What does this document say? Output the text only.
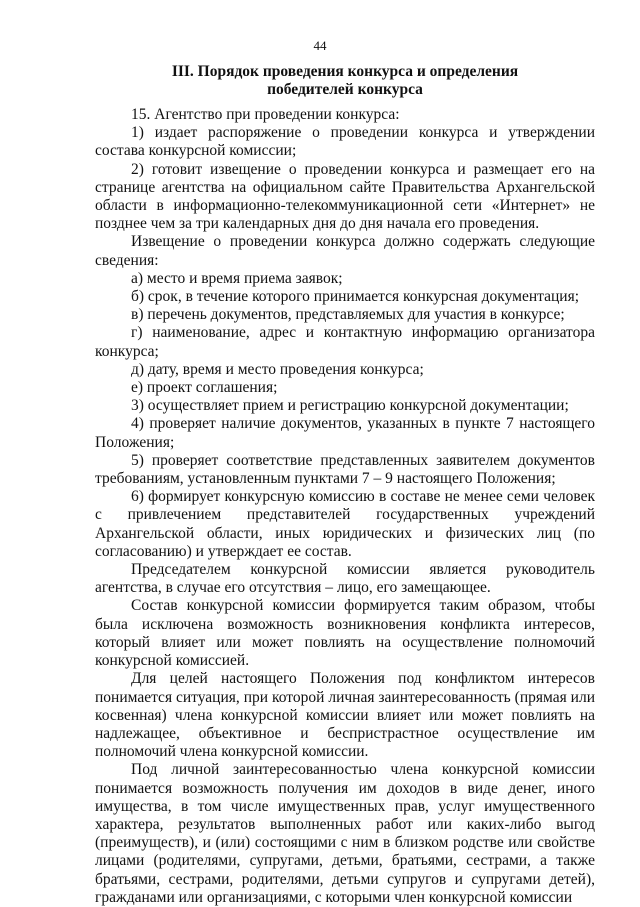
44
III. Порядок проведения конкурса и определения
победителей конкурса

15. Агентство при проведении конкурса:

1) издает распоряжение о проведении конкурса и утверждении состава конкурсной комиссии;

2) готовит извещение о проведении конкурса и размещает его на странице агентства на официальном сайте Правительства Архангельской области в информационно-телекоммуникационной сети «Интернет» не позднее чем за три календарных дня до дня начала его проведения.

Извещение о проведении конкурса должно содержать следующие сведения:

а) место и время приема заявок;

б) срок, в течение которого принимается конкурсная документация;

в) перечень документов, представляемых для участия в конкурсе;

г) наименование, адрес и контактную информацию организатора конкурса;

д) дату, время и место проведения конкурса;

е) проект соглашения;

3) осуществляет прием и регистрацию конкурсной документации;

4) проверяет наличие документов, указанных в пункте 7 настоящего Положения;

5) проверяет соответствие представленных заявителем документов требованиям, установленным пунктами 7 – 9 настоящего Положения;

6) формирует конкурсную комиссию в составе не менее семи человек с привлечением представителей государственных учреждений Архангельской области, иных юридических и физических лиц (по согласованию) и утверждает ее состав.

Председателем конкурсной комиссии является руководитель агентства, в случае его отсутствия – лицо, его замещающее.

Состав конкурсной комиссии формируется таким образом, чтобы была исключена возможность возникновения конфликта интересов, который влияет или может повлиять на осуществление полномочий конкурсной комиссией.

Для целей настоящего Положения под конфликтом интересов понимается ситуация, при которой личная заинтересованность (прямая или косвенная) члена конкурсной комиссии влияет или может повлиять на надлежащее, объективное и беспристрастное осуществление им полномочий члена конкурсной комиссии.

Под личной заинтересованностью члена конкурсной комиссии понимается возможность получения им доходов в виде денег, иного имущества, в том числе имущественных прав, услуг имущественного характера, результатов выполненных работ или каких-либо выгод (преимуществ), и (или) состоящими с ним в близком родстве или свойстве лицами (родителями, супругами, детьми, братьями, сестрами, а также братьями, сестрами, родителями, детьми супругов и супругами детей), гражданами или организациями, с которыми член конкурсной комиссии
